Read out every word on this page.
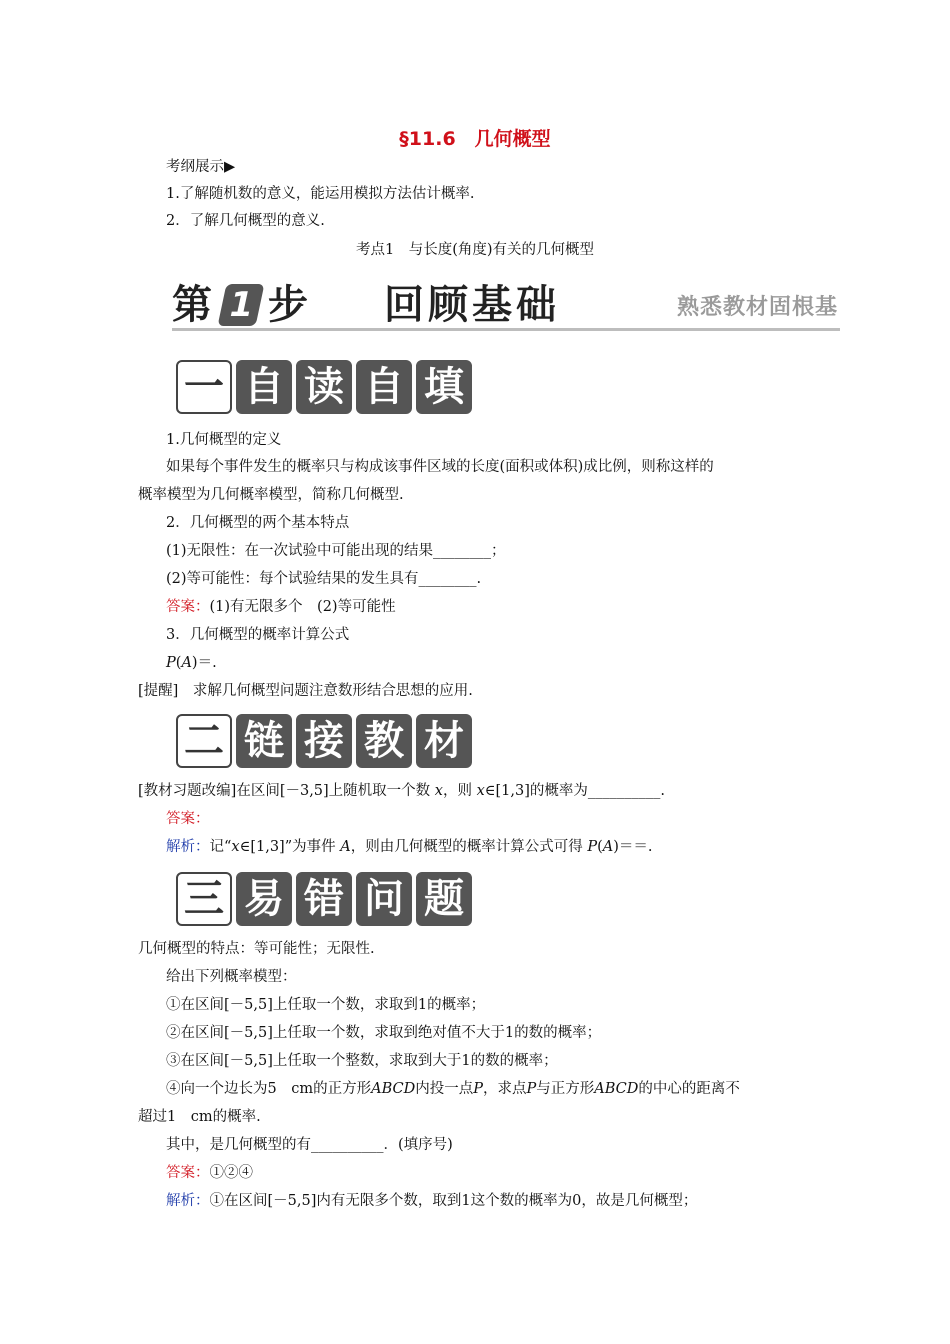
§11.6　几何概型
考纲展示▶
1.了解随机数的意义，能运用模拟方法估计概率.
2．了解几何概型的意义.
考点1　与长度(角度)有关的几何概型
第 1 步 回顾基础	熟悉教材固根基
一 自 读 自 填
1.几何概型的定义
如果每个事件发生的概率只与构成该事件区域的长度(面积或体积)成比例，则称这样的
概率模型为几何概率模型，简称几何概型.
2．几何概型的两个基本特点
(1)无限性：在一次试验中可能出现的结果________；
(2)等可能性：每个试验结果的发生具有________.
答案：(1)有无限多个　(2)等可能性
3．几何概型的概率计算公式
P(A)＝.
[提醒]　求解几何概型问题注意数形结合思想的应用.
二 链 接 教 材
[教材习题改编]在区间[－3,5]上随机取一个数 x，则 x∈[1,3]的概率为__________.
答案：
解析：记“x∈[1,3]”为事件 A，则由几何概型的概率计算公式可得 P(A)＝＝.
三 易 错 问 题
几何概型的特点：等可能性；无限性.
给出下列概率模型：
①在区间[－5,5]上任取一个数，求取到1的概率；
②在区间[－5,5]上任取一个数，求取到绝对值不大于1的数的概率；
③在区间[－5,5]上任取一个整数，求取到大于1的数的概率；
④向一个边长为5　cm的正方形ABCD内投一点P，求点P与正方形ABCD的中心的距离不
超过1　cm的概率.
其中，是几何概型的有__________．(填序号)
答案：①②④
解析：①在区间[－5,5]内有无限多个数，取到1这个数的概率为0，故是几何概型；
